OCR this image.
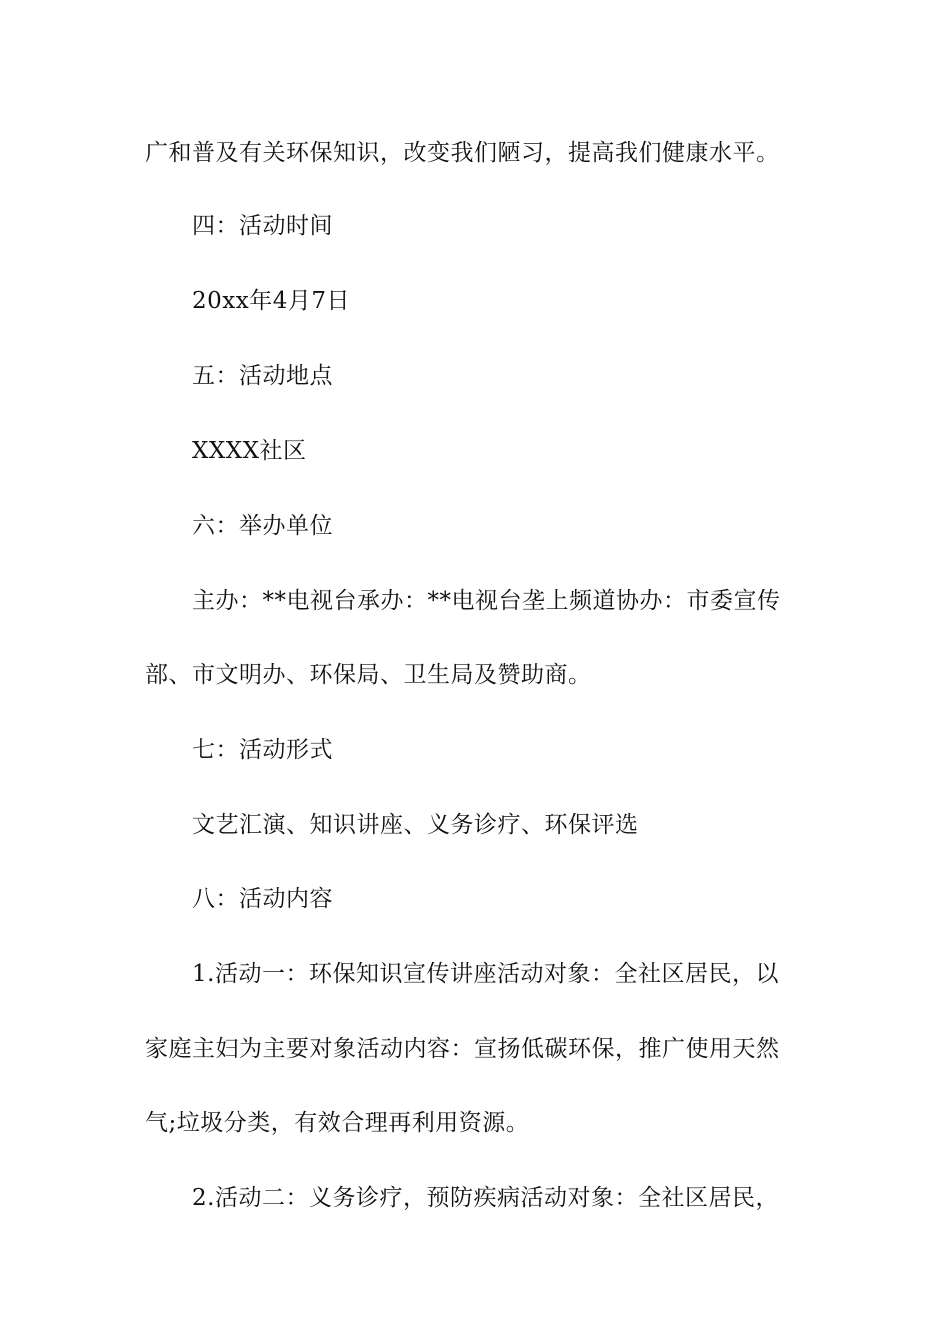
广和普及有关环保知识，改变我们陋习，提高我们健康水平。
四：活动时间
20xx年4月7日
五：活动地点
XXXX社区
六：举办单位
主办：**电视台承办：**电视台垄上频道协办：市委宣传
部、市文明办、环保局、卫生局及赞助商。
七：活动形式
文艺汇演、知识讲座、义务诊疗、环保评选
八：活动内容
1.活动一：环保知识宣传讲座活动对象：全社区居民，以
家庭主妇为主要对象活动内容：宣扬低碳环保，推广使用天然
气;垃圾分类，有效合理再利用资源。
2.活动二：义务诊疗，预防疾病活动对象：全社区居民，
